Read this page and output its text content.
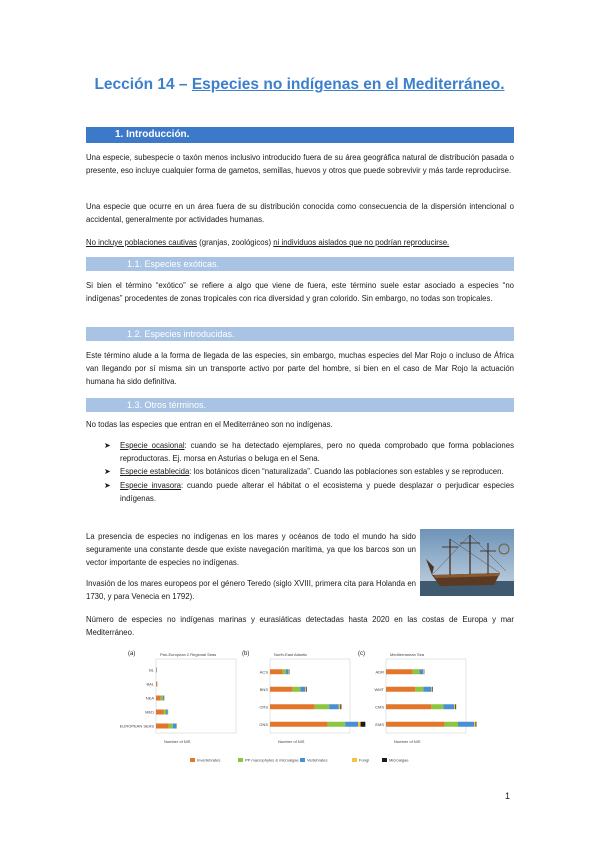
Lección 14 – Especies no indígenas en el Mediterráneo.
1. Introducción.
Una especie, subespecie o taxón menos inclusivo introducido fuera de su área geográfica natural de distribución pasada o presente, eso incluye cualquier forma de gametos, semillas, huevos y otros que puede sobrevivir y más tarde reproducirse.
Una especie que ocurre en un área fuera de su distribución conocida como consecuencia de la dispersión intencional o accidental, generalmente por actividades humanas.
No incluye poblaciones cautivas (granjas, zoológicos) ni individuos aislados que no podrían reproducirse.
1.1. Especies exóticas.
Si bien el término “exótico” se refiere a algo que viene de fuera, este término suele estar asociado a especies “no indígenas” procedentes de zonas tropicales con rica diversidad y gran colorido. Sin embargo, no todas son tropicales.
1.2. Especies introducidas.
Este término alude a la forma de llegada de las especies, sin embargo, muchas especies del Mar Rojo o incluso de África van llegando por sí misma sin un transporte activo por parte del hombre, si bien en el caso de Mar Rojo la actuación humana ha sido definitiva.
1.3. Otros términos.
No todas las especies que entran en el Mediterráneo son no indígenas.
➤ Especie ocasional: cuando se ha detectado ejemplares, pero no queda comprobado que forma poblaciones reproductoras. Ej. morsa en Asturias o beluga en el Sena.
➤ Especie establecida: los botánicos dicen “naturalizada”. Cuando las poblaciones son estables y se reproducen.
➤ Especie invasora: cuando puede alterar el hábitat o el ecosistema y puede desplazar o perjudicar especies indígenas.
La presencia de especies no indígenas en los mares y océanos de todo el mundo ha sido seguramente una constante desde que existe navegación marítima, ya que los barcos son un vector importante de especies no indígenas.
Invasión de los mares europeos por el género Teredo (siglo XVIII, primera cita para Holanda en 1730, y para Venecia en 1792).
Número de especies no indígenas marinas y eurasiáticas detectadas hasta 2020 en las costas de Europa y mar Mediterráneo.
(a)	Pan-European 2 Regional Seas
BL
BAL
NEA
MED
EUROPEAN SEAS
Number of NIS
(b)	North-East Atlantic
ACS
BNS
CRS
GNS
Number of NIS
(c)	Mediterranean Sea
ADR
WMT
CMS
EMS
Number of NIS
Invertebrates	PP macrophytes & microalgae Vertebrates	Fungi	Microalgae
1
